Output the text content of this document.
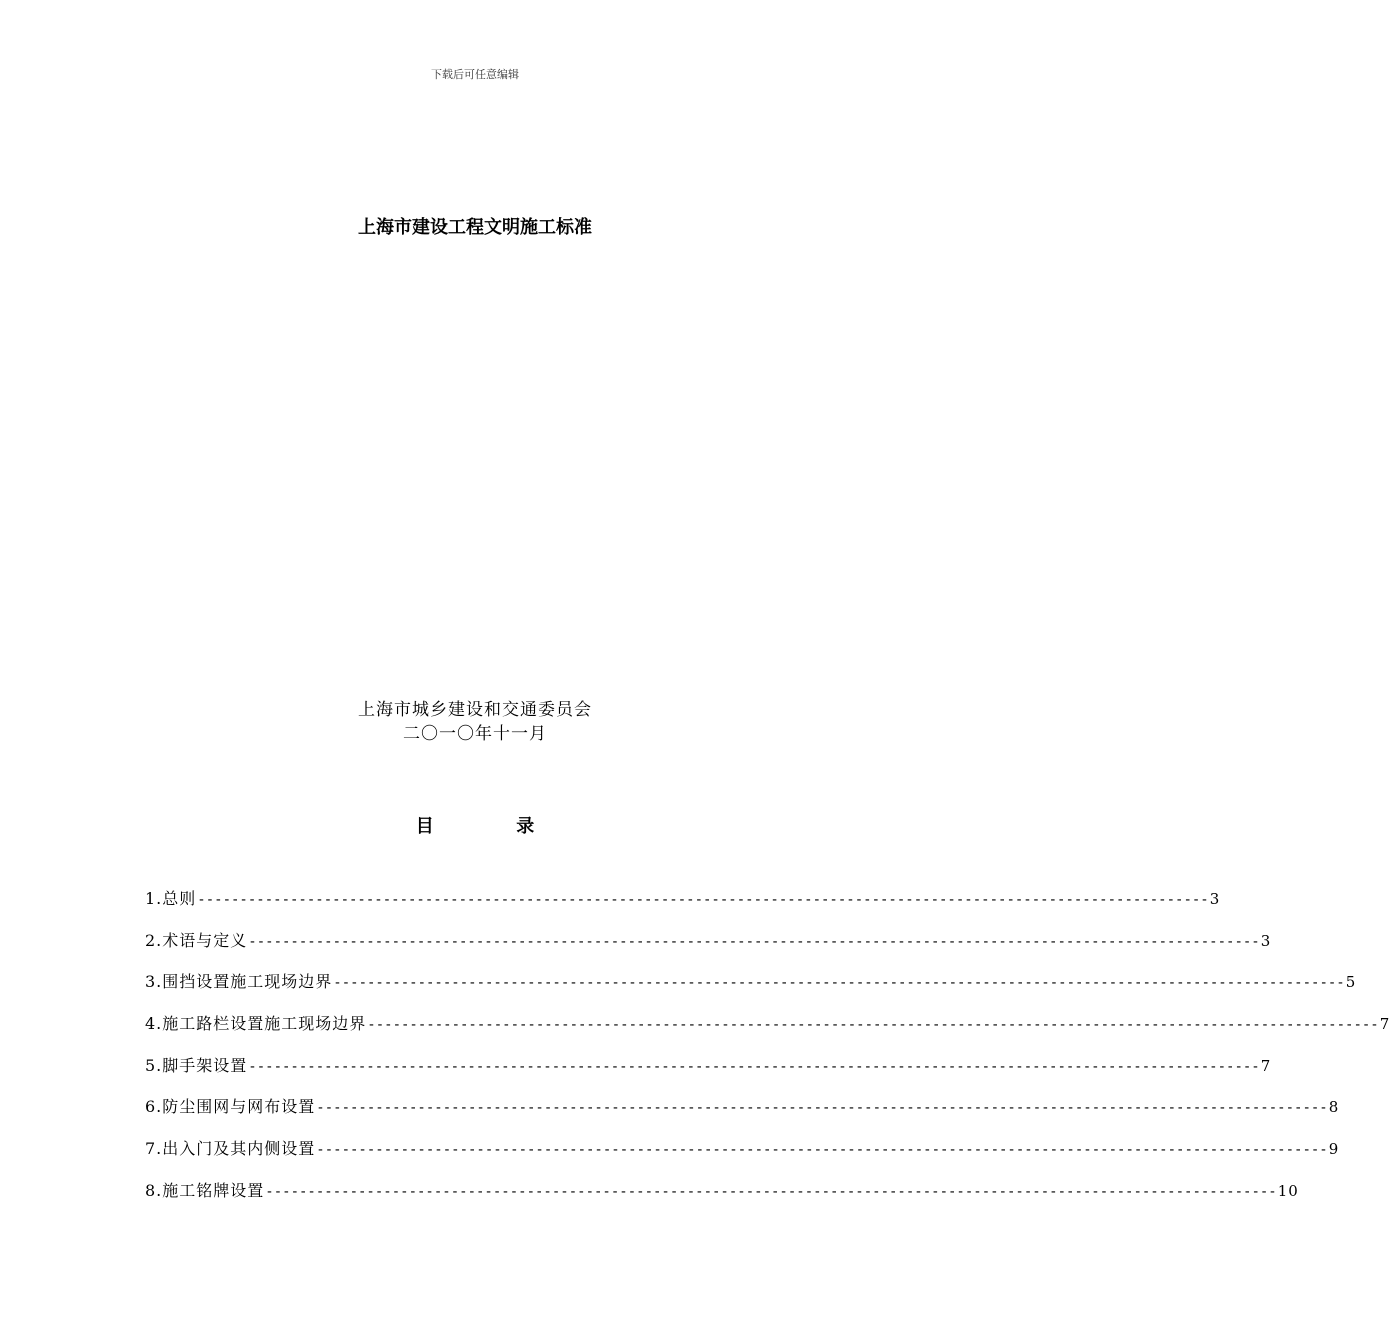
下载后可任意编辑
上海市建设工程文明施工标准
上海市城乡建设和交通委员会
二〇一〇年十一月
目	录
1.总则 ------------------------------------------------------------------------------------------------------------------------ 3
2.术语与定义 ------------------------------------------------------------------------------------------------------------------------ 3
3.围挡设置施工现场边界 ------------------------------------------------------------------------------------------------------------------------ 5
4.施工路栏设置施工现场边界 ------------------------------------------------------------------------------------------------------------------------ 7
5.脚手架设置 ------------------------------------------------------------------------------------------------------------------------ 7
6.防尘围网与网布设置 ------------------------------------------------------------------------------------------------------------------------ 8
7.出入门及其内侧设置 ------------------------------------------------------------------------------------------------------------------------ 9
8.施工铭牌设置 ------------------------------------------------------------------------------------------------------------------------ 10
